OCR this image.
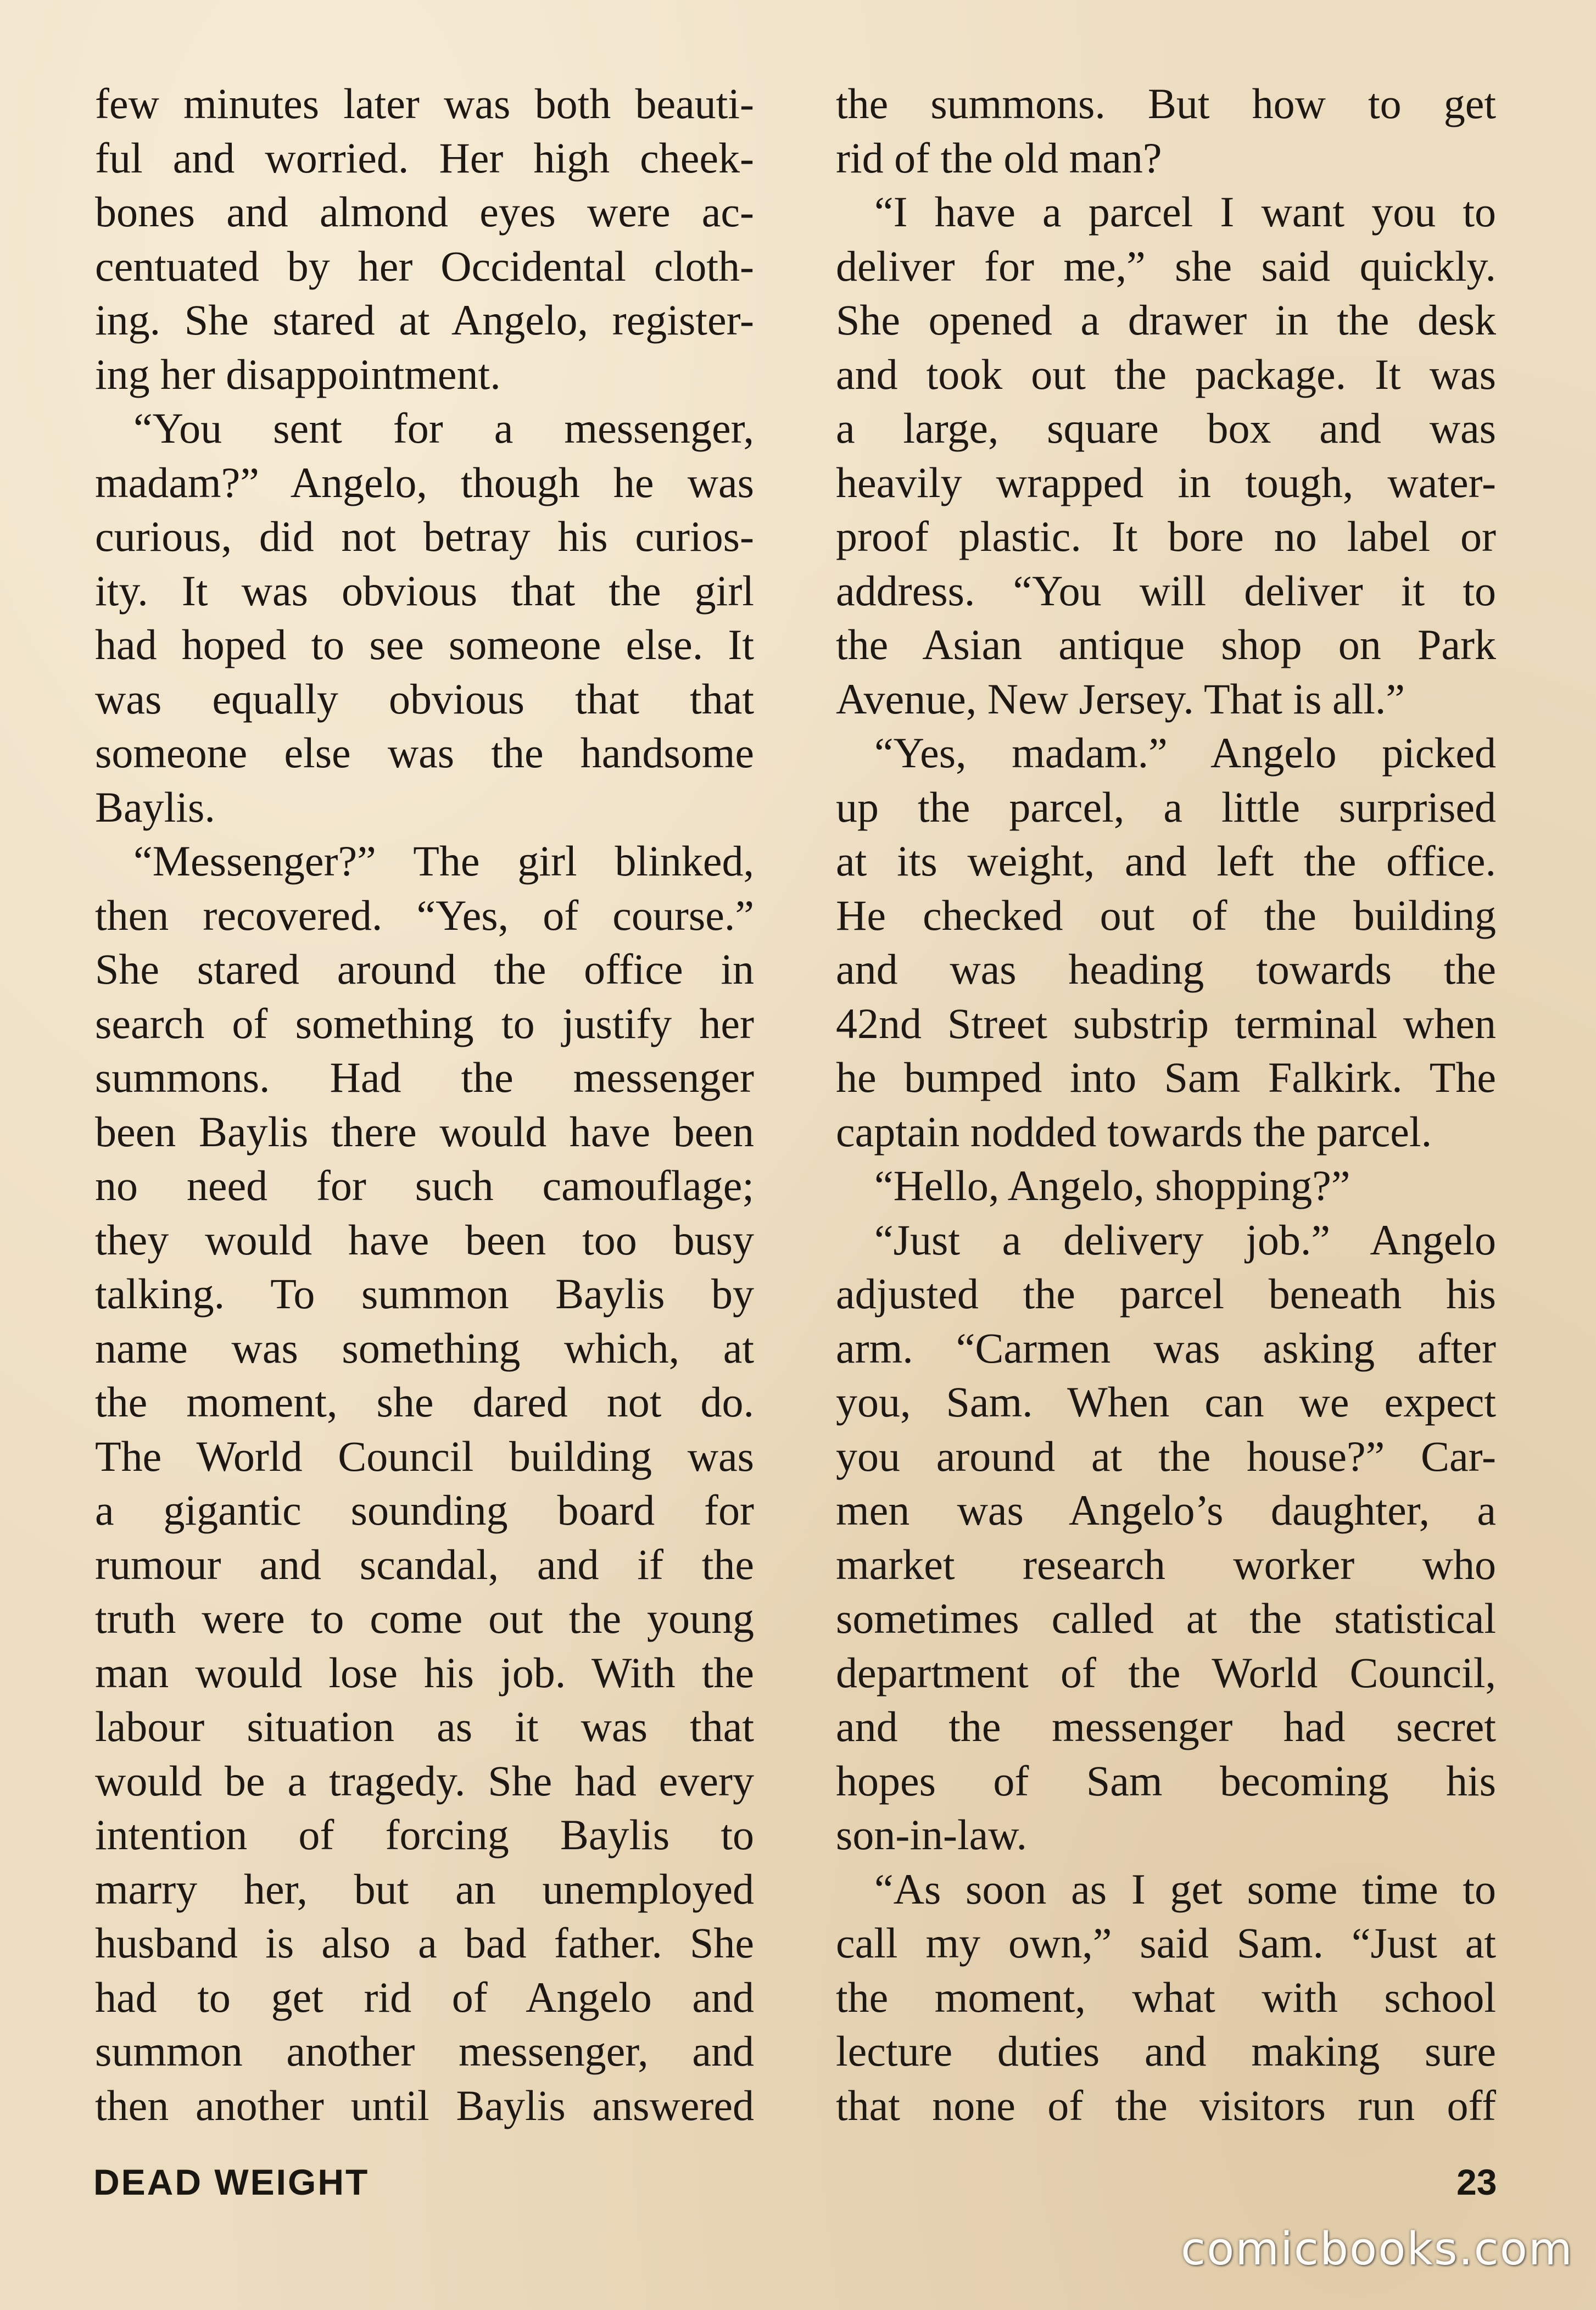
few minutes later was both beauti-
ful and worried. Her high cheek-
bones and almond eyes were ac-
centuated by her Occidental cloth-
ing. She stared at Angelo, register-
ing her disappointment.
“You sent for a messenger,
madam?” Angelo, though he was
curious, did not betray his curios-
ity. It was obvious that the girl
had hoped to see someone else. It
was equally obvious that that
someone else was the handsome
Baylis.
“Messenger?” The girl blinked,
then recovered. “Yes, of course.”
She stared around the office in
search of something to justify her
summons. Had the messenger
been Baylis there would have been
no need for such camouflage;
they would have been too busy
talking. To summon Baylis by
name was something which, at
the moment, she dared not do.
The World Council building was
a gigantic sounding board for
rumour and scandal, and if the
truth were to come out the young
man would lose his job. With the
labour situation as it was that
would be a tragedy. She had every
intention of forcing Baylis to
marry her, but an unemployed
husband is also a bad father. She
had to get rid of Angelo and
summon another messenger, and
then another until Baylis answered
the summons. But how to get
rid of the old man?
“I have a parcel I want you to
deliver for me,” she said quickly.
She opened a drawer in the desk
and took out the package. It was
a large, square box and was
heavily wrapped in tough, water-
proof plastic. It bore no label or
address. “You will deliver it to
the Asian antique shop on Park
Avenue, New Jersey. That is all.”
“Yes, madam.” Angelo picked
up the parcel, a little surprised
at its weight, and left the office.
He checked out of the building
and was heading towards the
42nd Street substrip terminal when
he bumped into Sam Falkirk. The
captain nodded towards the parcel.
“Hello, Angelo, shopping?”
“Just a delivery job.” Angelo
adjusted the parcel beneath his
arm. “Carmen was asking after
you, Sam. When can we expect
you around at the house?” Car-
men was Angelo’s daughter, a
market research worker who
sometimes called at the statistical
department of the World Council,
and the messenger had secret
hopes of Sam becoming his
son-in-law.
“As soon as I get some time to
call my own,” said Sam. “Just at
the moment, what with school
lecture duties and making sure
that none of the visitors run off
DEAD WEIGHT	23
comicbooks.com
